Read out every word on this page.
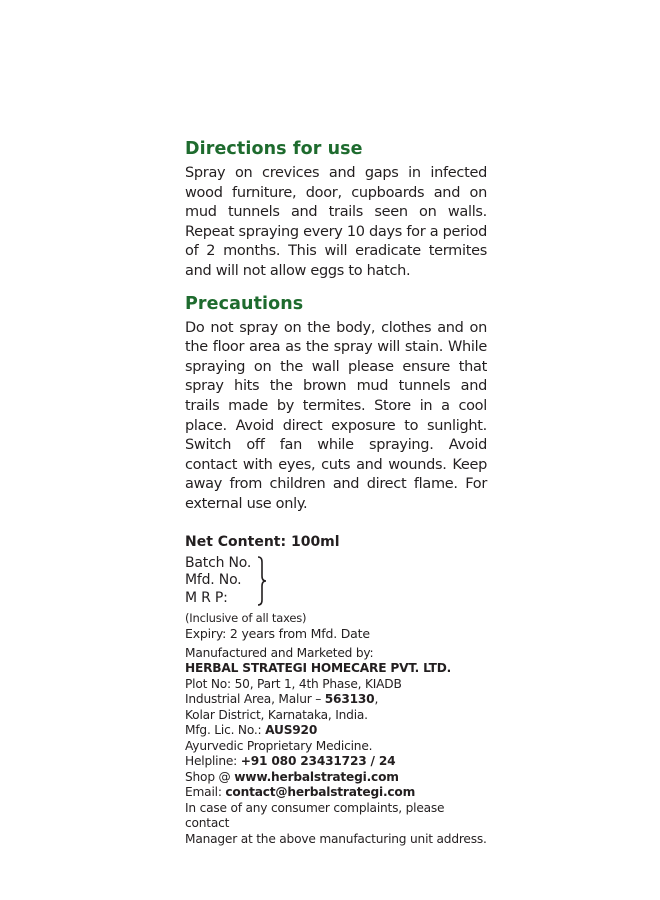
Directions for use

Spray on crevices and gaps in infected wood furniture, door, cupboards and on mud tunnels and trails seen on walls. Repeat spraying every 10 days for a period of 2 months. This will eradicate termites and will not allow eggs to hatch.

Precautions

Do not spray on the body, clothes and on the floor area as the spray will stain. While spraying on the wall please ensure that spray hits the brown mud tunnels and trails made by termites. Store in a cool place. Avoid direct exposure to sunlight. Switch off fan while spraying. Avoid contact with eyes, cuts and wounds. Keep away from children and direct flame. For external use only.

Net Content: 100ml

Batch No.

Mfd. No.

M R P:

(Inclusive of all taxes)

Expiry: 2 years from Mfd. Date

Manufactured and Marketed by:

HERBAL STRATEGI HOMECARE PVT. LTD.

Plot No: 50, Part 1, 4th Phase, KIADB

Industrial Area, Malur – 563130,

Kolar District, Karnataka, India.

Mfg. Lic. No.: AUS920

Ayurvedic Proprietary Medicine.

Helpline: +91 080 23431723 / 24

Shop @ www.herbalstrategi.com

Email: contact@herbalstrategi.com

In case of any consumer complaints, please contact

Manager at the above manufacturing unit address.
